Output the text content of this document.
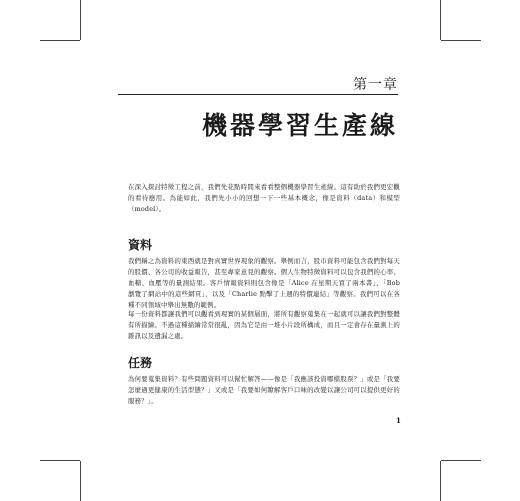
第一章
機器學習生產線

在深入探討特徵工程之前，我們先花點時間來看看整個機器學習生產線。這有助於我們更宏觀的看待應用。為能如此，我們先小小的回想一下一些基本概念，像是資料（data）和模型（model）。

資料

我們稱之為資料的東西就是對真實世界現象的觀察。舉例而言，股市資料可能包含我們對每天的股價、各公司的收益報告，甚至專家意見的觀察。個人生物特徵資料可以包含我們的心率、血糖、血壓等的量測結果。客戶情報資料則包含像是「Alice 在星期天買了兩本書」、「Bob 瀏覽了網站中的這些網頁」，以及「Charlie 點擊了上週的特價連結」等觀察。我們可以在各種不同領域中舉出無數的範例。

每一份資料都讓我們可以觀看到現實的某個層面，將所有觀察蒐集在一起就可以讓我們對整體有所描繪。不過這種描繪常常很亂，因為它是由一堆小片段所構成，而且一定會存在量測上的雜訊以及遺漏之處。

任務

為何要蒐集資料？有些問題資料可以幫忙解答——像是「我應該投資哪檔股票？」或是「我要怎麼過更健康的生活型態？」又或是「我要如何瞭解客戶口味的改變以讓公司可以提供更好的服務？」。

1
